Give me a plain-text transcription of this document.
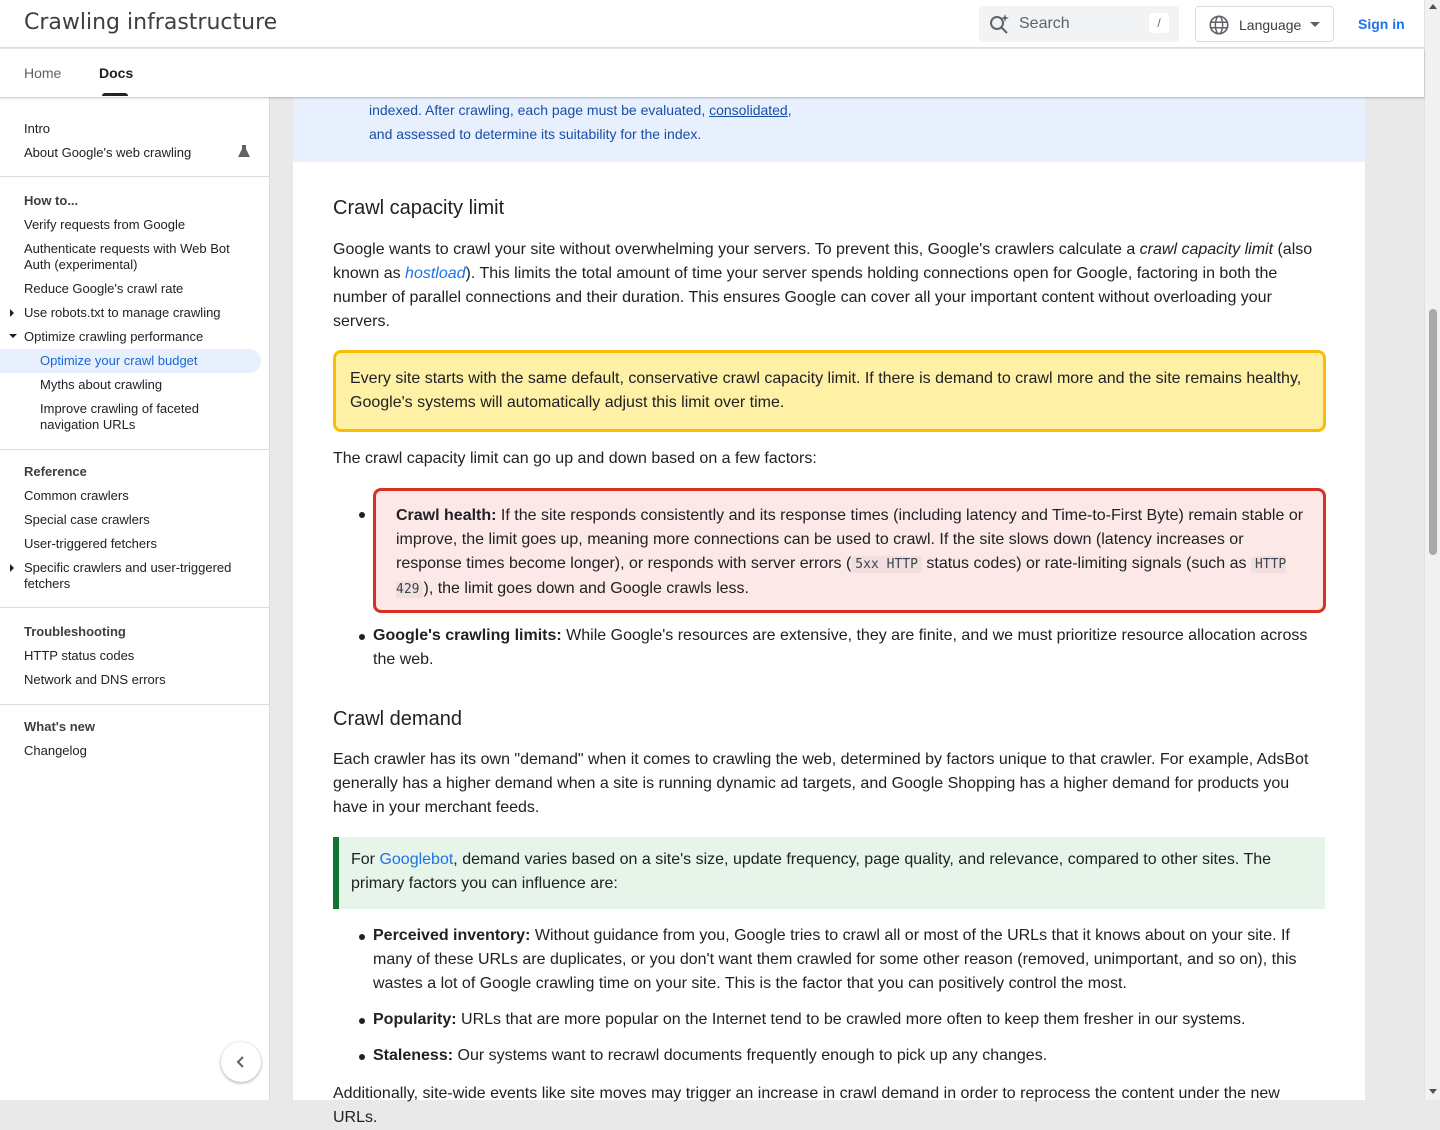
Crawling infrastructure	Search	/	Language	Sign in
Home	Docs
Intro
About Google's web crawling
How to...
Verify requests from Google
Authenticate requests with Web Bot Auth (experimental)
Reduce Google's crawl rate
Use robots.txt to manage crawling
Optimize crawling performance
Optimize your crawl budget
Myths about crawling
Improve crawling of faceted navigation URLs
Reference
Common crawlers
Special case crawlers
User-triggered fetchers
Specific crawlers and user-triggered fetchers
Troubleshooting
HTTP status codes
Network and DNS errors
What's new
Changelog

indexed. After crawling, each page must be evaluated, consolidated,
and assessed to determine its suitability for the index.

Crawl capacity limit

Google wants to crawl your site without overwhelming your servers. To prevent this, Google's crawlers calculate a crawl capacity limit (also known as hostload). This limits the total amount of time your server spends holding connections open for Google, factoring in both the number of parallel connections and their duration. This ensures Google can cover all your important content without overloading your servers.

Every site starts with the same default, conservative crawl capacity limit. If there is demand to crawl more and the site remains healthy, Google's systems will automatically adjust this limit over time.

The crawl capacity limit can go up and down based on a few factors:

Crawl health: If the site responds consistently and its response times (including latency and Time-to-First Byte) remain stable or improve, the limit goes up, meaning more connections can be used to crawl. If the site slows down (latency increases or response times become longer), or responds with server errors ( 5xx HTTP status codes) or rate-limiting signals (such as HTTP 429 ), the limit goes down and Google crawls less.

Google's crawling limits: While Google's resources are extensive, they are finite, and we must prioritize resource allocation across the web.

Crawl demand

Each crawler has its own "demand" when it comes to crawling the web, determined by factors unique to that crawler. For example, AdsBot generally has a higher demand when a site is running dynamic ad targets, and Google Shopping has a higher demand for products you have in your merchant feeds.

For Googlebot, demand varies based on a site's size, update frequency, page quality, and relevance, compared to other sites. The primary factors you can influence are:

Perceived inventory: Without guidance from you, Google tries to crawl all or most of the URLs that it knows about on your site. If many of these URLs are duplicates, or you don't want them crawled for some other reason (removed, unimportant, and so on), this wastes a lot of Google crawling time on your site. This is the factor that you can positively control the most.

Popularity: URLs that are more popular on the Internet tend to be crawled more often to keep them fresher in our systems.

Staleness: Our systems want to recrawl documents frequently enough to pick up any changes.

Additionally, site-wide events like site moves may trigger an increase in crawl demand in order to reprocess the content under the new URLs.
